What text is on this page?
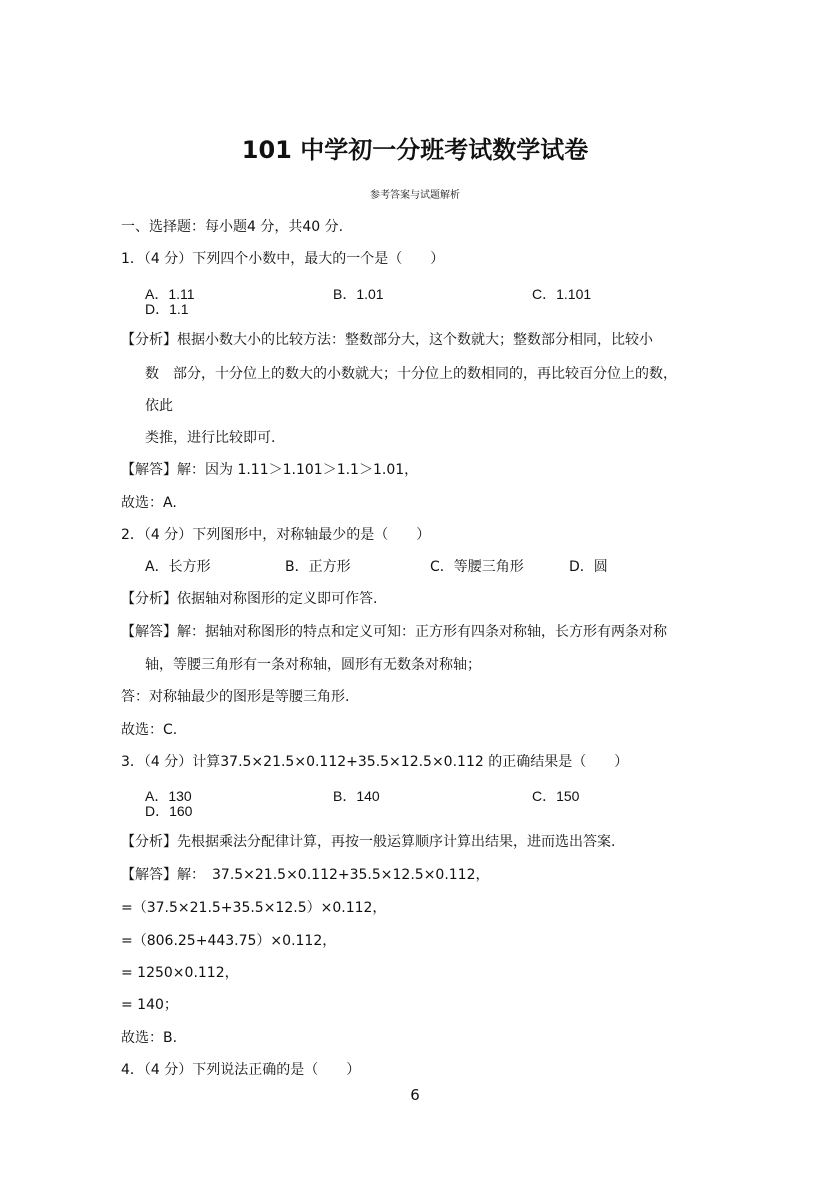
101 中学初一分班考试数学试卷
参考答案与试题解析
一、选择题：每小题4 分，共40 分.
1．（4 分）下列四个小数中，最大的一个是（　　）
A．1.11	B．1.01	C．1.101
D．1.1
【分析】根据小数大小的比较方法：整数部分大，这个数就大；整数部分相同，比较小
数　部分，十分位上的数大的小数就大；十分位上的数相同的，再比较百分位上的数，
依此
类推，进行比较即可.
【解答】解：因为 1.11＞1.101＞1.1＞1.01，
故选：A.
2．（4 分）下列图形中，对称轴最少的是（　　）
A．长方形	B．正方形	C．等腰三角形	D．圆
【分析】依据轴对称图形的定义即可作答.
【解答】解：据轴对称图形的特点和定义可知：正方形有四条对称轴，长方形有两条对称
轴，等腰三角形有一条对称轴，圆形有无数条对称轴；
答：对称轴最少的图形是等腰三角形.
故选：C.
3．（4 分）计算37.5×21.5×0.112+35.5×12.5×0.112 的正确结果是（　　）
A．130	B．140	C．150
D．160
【分析】先根据乘法分配律计算，再按一般运算顺序计算出结果，进而选出答案.
【解答】解：　37.5×21.5×0.112+35.5×12.5×0.112，
=（37.5×21.5+35.5×12.5）×0.112，
=（806.25+443.75）×0.112，
= 1250×0.112，
= 140；
故选：B.
4．（4 分）下列说法正确的是（　　）
6
